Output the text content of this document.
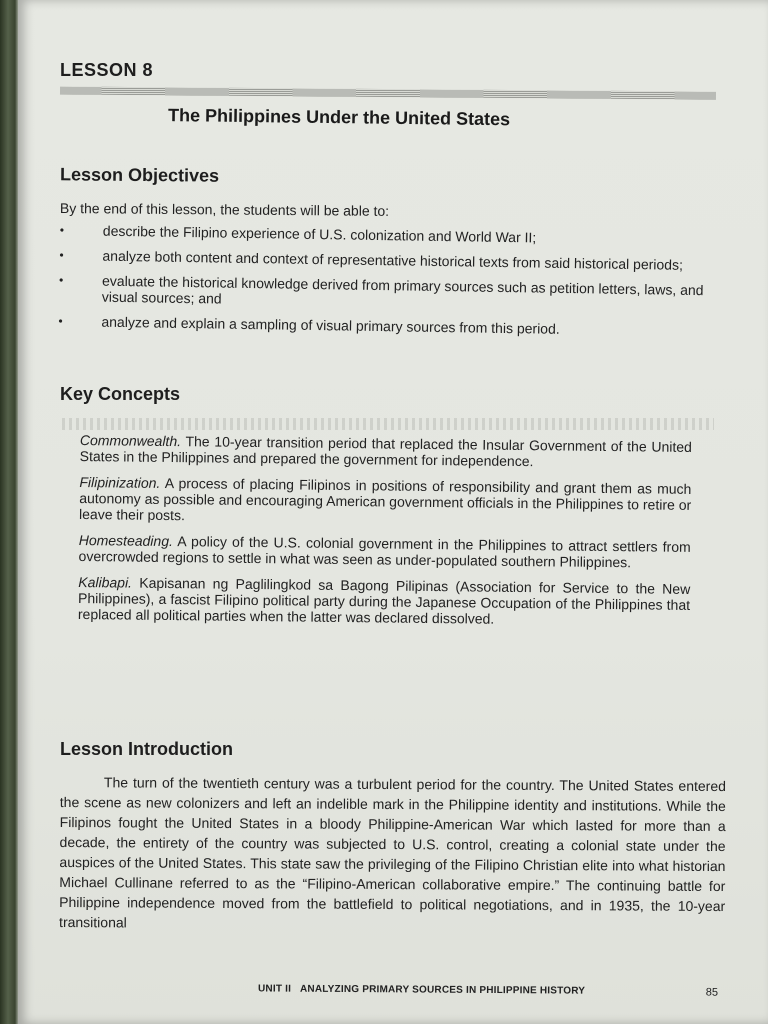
LESSON 8
The Philippines Under the United States
Lesson Objectives
By the end of this lesson, the students will be able to:
•	describe the Filipino experience of U.S. colonization and World War II;
•	analyze both content and context of representative historical texts from said historical periods;
•	evaluate the historical knowledge derived from primary sources such as petition letters, laws, and visual sources; and
•	analyze and explain a sampling of visual primary sources from this period.
Key Concepts
Commonwealth. The 10-year transition period that replaced the Insular Government of the United States in the Philippines and prepared the government for independence.
Filipinization. A process of placing Filipinos in positions of responsibility and grant them as much autonomy as possible and encouraging American government officials in the Philippines to retire or leave their posts.
Homesteading. A policy of the U.S. colonial government in the Philippines to attract settlers from overcrowded regions to settle in what was seen as under-populated southern Philippines.
Kalibapi. Kapisanan ng Paglilingkod sa Bagong Pilipinas (Association for Service to the New Philippines), a fascist Filipino political party during the Japanese Occupation of the Philippines that replaced all political parties when the latter was declared dissolved.
Lesson Introduction

The turn of the twentieth century was a turbulent period for the country. The United States entered the scene as new colonizers and left an indelible mark in the Philippine identity and institutions. While the Filipinos fought the United States in a bloody Philippine-American War which lasted for more than a decade, the entirety of the country was subjected to U.S. control, creating a colonial state under the auspices of the United States. This state saw the privileging of the Filipino Christian elite into what historian Michael Cullinane referred to as the “Filipino-American collaborative empire.” The continuing battle for Philippine independence moved from the battlefield to political negotiations, and in 1935, the 10-year transitional

UNIT II ANALYZING PRIMARY SOURCES IN PHILIPPINE HISTORY	85
